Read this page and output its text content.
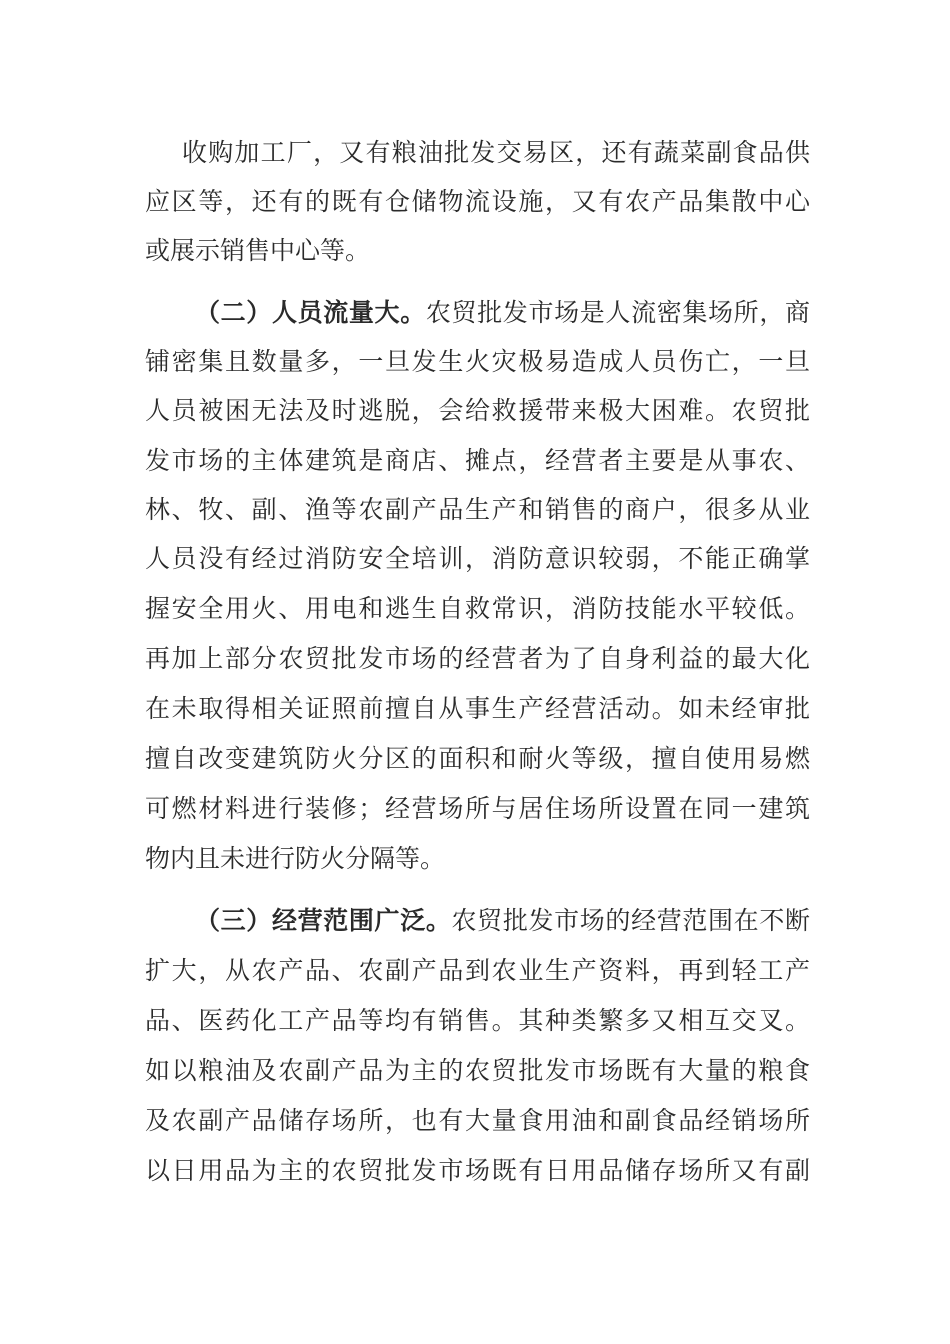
收购加工厂，又有粮油批发交易区，还有蔬菜副食品供
应区等，还有的既有仓储物流设施，又有农产品集散中心
或展示销售中心等。
（二）人员流量大。农贸批发市场是人流密集场所，商
铺密集且数量多，一旦发生火灾极易造成人员伤亡，一旦
人员被困无法及时逃脱，会给救援带来极大困难。农贸批
发市场的主体建筑是商店、摊点，经营者主要是从事农、
林、牧、副、渔等农副产品生产和销售的商户，很多从业
人员没有经过消防安全培训，消防意识较弱，不能正确掌
握安全用火、用电和逃生自救常识，消防技能水平较低。
再加上部分农贸批发市场的经营者为了自身利益的最大化
在未取得相关证照前擅自从事生产经营活动。如未经审批
擅自改变建筑防火分区的面积和耐火等级，擅自使用易燃
可燃材料进行装修；经营场所与居住场所设置在同一建筑
物内且未进行防火分隔等。
（三）经营范围广泛。农贸批发市场的经营范围在不断
扩大，从农产品、农副产品到农业生产资料，再到轻工产
品、医药化工产品等均有销售。其种类繁多又相互交叉。
如以粮油及农副产品为主的农贸批发市场既有大量的粮食
及农副产品储存场所，也有大量食用油和副食品经销场所
以日用品为主的农贸批发市场既有日用品储存场所又有副
